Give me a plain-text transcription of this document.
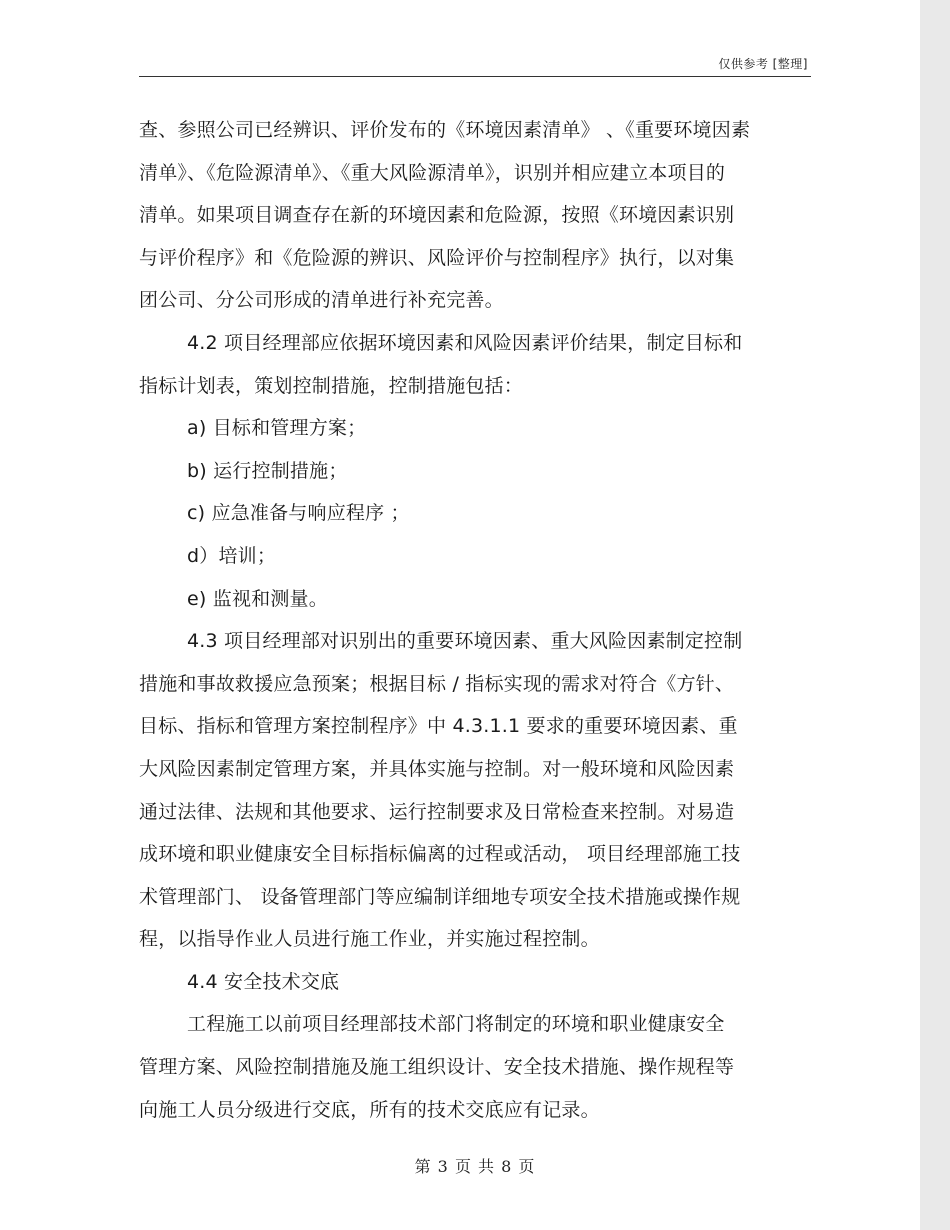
仅供参考 [整理]
查、参照公司已经辨识、评价发布的《环境因素清单》 、《重要环境因素
清单》、《危险源清单》、《重大风险源清单》，识别并相应建立本项目的
清单。如果项目调查存在新的环境因素和危险源，按照《环境因素识别
与评价程序》和《危险源的辨识、风险评价与控制程序》执行，以对集
团公司、分公司形成的清单进行补充完善。
4.2 项目经理部应依据环境因素和风险因素评价结果，制定目标和
指标计划表，策划控制措施，控制措施包括：
a) 目标和管理方案；
b) 运行控制措施；
c) 应急准备与响应程序 ；
d）培训；
e) 监视和测量。
4.3 项目经理部对识别出的重要环境因素、重大风险因素制定控制
措施和事故救援应急预案；根据目标 / 指标实现的需求对符合《方针、
目标、指标和管理方案控制程序》中 4.3.1.1 要求的重要环境因素、重
大风险因素制定管理方案，并具体实施与控制。对一般环境和风险因素
通过法律、法规和其他要求、运行控制要求及日常检查来控制。对易造
成环境和职业健康安全目标指标偏离的过程或活动， 项目经理部施工技
术管理部门、 设备管理部门等应编制详细地专项安全技术措施或操作规
程，以指导作业人员进行施工作业，并实施过程控制。
4.4 安全技术交底
工程施工以前项目经理部技术部门将制定的环境和职业健康安全
管理方案、风险控制措施及施工组织设计、安全技术措施、操作规程等
向施工人员分级进行交底，所有的技术交底应有记录。
第 3 页 共 8 页
